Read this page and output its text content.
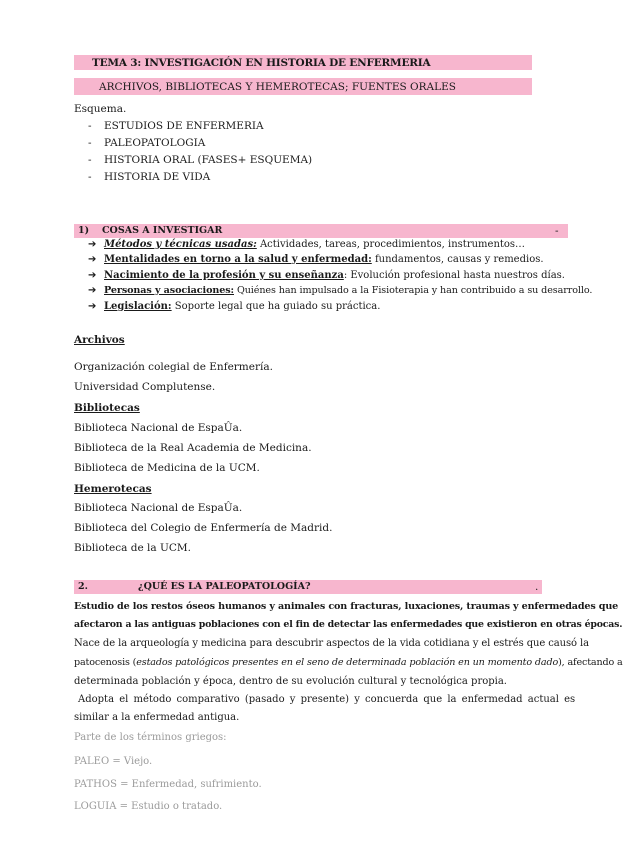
TEMA 3: INVESTIGACIÓN EN HISTORIA DE ENFERMERIA
ARCHIVOS, BIBLIOTECAS Y HEMEROTECAS; FUENTES ORALES
Esquema.
- ESTUDIOS DE ENFERMERIA
- PALEOPATOLOGIA
- HISTORIA ORAL (FASES+ ESQUEMA)
- HISTORIA DE VIDA
1) COSAS A INVESTIGAR	-
➔ Métodos y técnicas usadas: Actividades, tareas, procedimientos, instrumentos…
➔ Mentalidades en torno a la salud y enfermedad: fundamentos, causas y remedios.
➔ Nacimiento de la profesión y su enseñanza: Evolución profesional hasta nuestros días.
➔ Personas y asociaciones: Quiénes han impulsado a la Fisioterapia y han contribuido a su desarrollo.
➔ Legislación: Soporte legal que ha guiado su práctica.
Archivos
Organización colegial de Enfermería.
Universidad Complutense.
Bibliotecas
Biblioteca Nacional de EspaÛa.
Biblioteca de la Real Academia de Medicina.
Biblioteca de Medicina de la UCM.
Hemerotecas
Biblioteca Nacional de EspaÛa.
Biblioteca del Colegio de Enfermería de Madrid.
Biblioteca de la UCM.
2.	¿QUÉ ES LA PALEOPATOLOGÍA?	.
Estudio de los restos óseos humanos y animales con fracturas, luxaciones, traumas y enfermedades que
afectaron a las antiguas poblaciones con el fin de detectar las enfermedades que existieron en otras épocas.
Nace de la arqueología y medicina para descubrir aspectos de la vida cotidiana y el estrés que causó la
patocenosis (estados patológicos presentes en el seno de determinada población en un momento dado), afectando a
determinada población y época, dentro de su evolución cultural y tecnológica propia.
Adopta el método comparativo (pasado y presente) y concuerda que la enfermedad actual es
similar a la enfermedad antigua.
Parte de los términos griegos:
PALEO = Viejo.
PATHOS = Enfermedad, sufrimiento.
LOGUIA = Estudio o tratado.
